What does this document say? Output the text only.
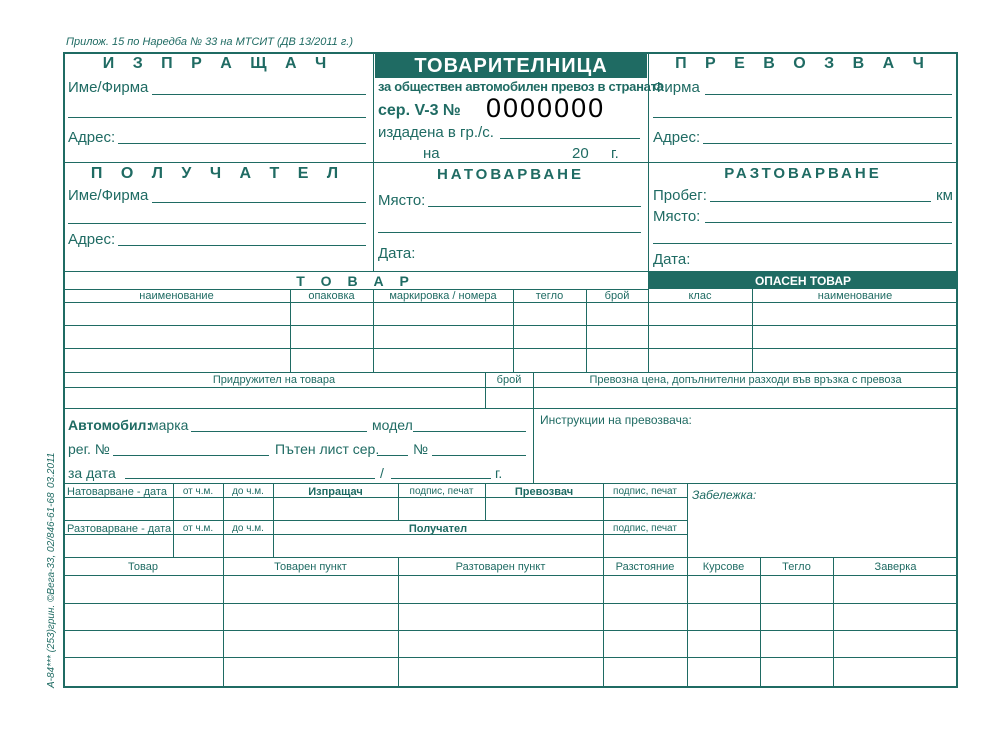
Прилож. 15 по Наредба № 33 на МТСИТ (ДВ 13/2011 г.)
И З П Р А Щ А Ч
Име/Фирма
Адрес:
ТОВАРИТЕЛНИЦА
за обществен автомобилен превоз в страната
сер. V-3 № 0000000
издадена в гр./с.
на	20 г.
П Р Е В О З В А Ч
Фирма
Адрес:
П О Л У Ч А Т Е Л
Име/Фирма
Адрес:
НАТОВАРВАНЕ
Място:
Дата:
РАЗТОВАРВАНЕ
Пробег:	км
Място:
Дата:
Т О В А Р	ОПАСЕН ТОВАР
наименование	опаковка	маркировка / номера	тегло	брой	клас	наименование
Придружител на товара	брой	Превозна цена, допълнителни разходи във връзка с превоза
Автомобил:
марка	модел
рег. №	Пътен лист сер. №
за дата	/	г.
Инструкции на превозвача:
Натоварване - дата	от ч.м.	до ч.м.	Изпращач	подпис, печат	Превозвач	подпис, печат
Разтоварване - дата	от ч.м.	до ч.м.	Получател	подпис, печат
Забележка:
Товар	Товарен пункт	Разтоварен пункт	Разстояние	Курсове	Тегло	Заверка
03.2011
А-84*** (253)грин. ©Вега-33, 02/846-61-68
